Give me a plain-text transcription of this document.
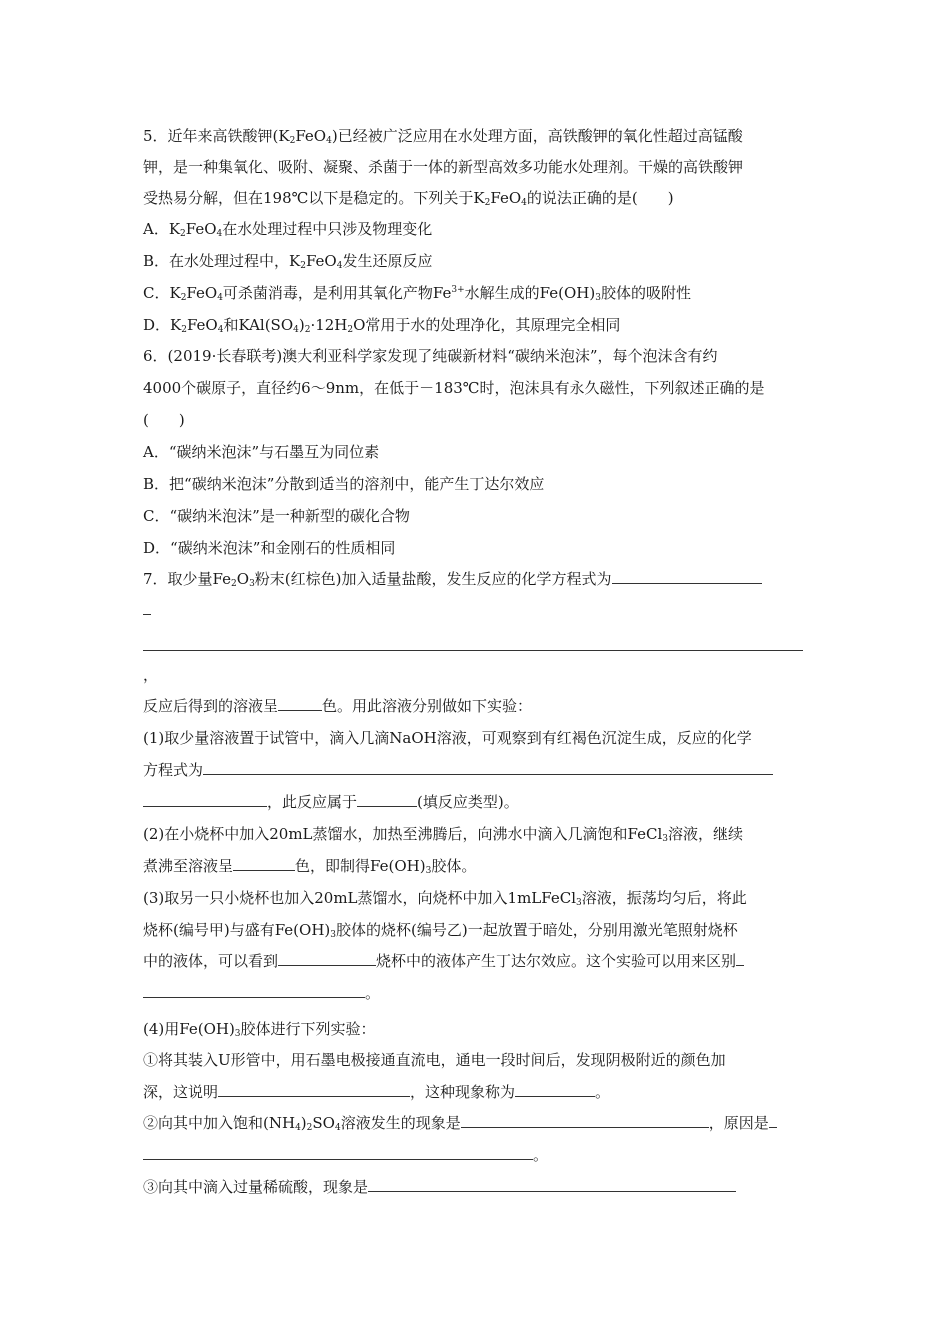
5．近年来高铁酸钾$(K_2FeO_4)$已经被广泛应用在水处理方面，高铁酸钾的氧化性超过高锰酸
钾，是一种集氧化、吸附、凝聚、杀菌于一体的新型高效多功能水处理剂。干燥的高铁酸钾
受热易分解，但在198℃以下是稳定的。下列关于$K_2FeO_4$的说法正确的是(　　)
A．$K_2FeO_4$在水处理过程中只涉及物理变化
B．在水处理过程中，$K_2FeO_4$发生还原反应
C．$K_2FeO_4$可杀菌消毒，是利用其氧化产物$Fe^{3+}$水解生成的$Fe(OH)_3$胶体的吸附性
D．$K_2FeO_4$和$KAl(SO_4)_2\cdot 12H_2O$常用于水的处理净化，其原理完全相同
6．(2019·长春联考)澳大利亚科学家发现了纯碳新材料“碳纳米泡沫”，每个泡沫含有约
4000个碳原子，直径约6～9nm，在低于－183℃时，泡沫具有永久磁性，下列叙述正确的是
(　　)
A．“碳纳米泡沫”与石墨互为同位素
B．把“碳纳米泡沫”分散到适当的溶剂中，能产生丁达尔效应
C．“碳纳米泡沫”是一种新型的碳化合物
D．“碳纳米泡沫”和金刚石的性质相同
7．取少量$Fe_2O_3$粉末(红棕色)加入适量盐酸，发生反应的化学方程式为
，
反应后得到的溶液呈	色。用此溶液分别做如下实验：
(1)取少量溶液置于试管中，滴入几滴NaOH溶液，可观察到有红褐色沉淀生成，反应的化学
方程式为
，此反应属于	(填反应类型)。
(2)在小烧杯中加入20mL蒸馏水，加热至沸腾后，向沸水中滴入几滴饱和FeCl$_3$溶液，继续
煮沸至溶液呈	色，即制得$Fe(OH)_3$胶体。
(3)取另一只小烧杯也加入20mL蒸馏水，向烧杯中加入1mLFeCl$_3$溶液，振荡均匀后，将此
烧杯(编号甲)与盛有$Fe(OH)_3$胶体的烧杯(编号乙)一起放置于暗处，分别用激光笔照射烧杯
中的液体，可以看到	烧杯中的液体产生丁达尔效应。这个实验可以用来区别
。
(4)用$Fe(OH)_3$胶体进行下列实验：
①将其装入U形管中，用石墨电极接通直流电，通电一段时间后，发现阴极附近的颜色加
深，这说明	，这种现象称为	。
②向其中加入饱和$(NH_4)_2SO_4$溶液发生的现象是	，原因是
。
③向其中滴入过量稀硫酸，现象是
